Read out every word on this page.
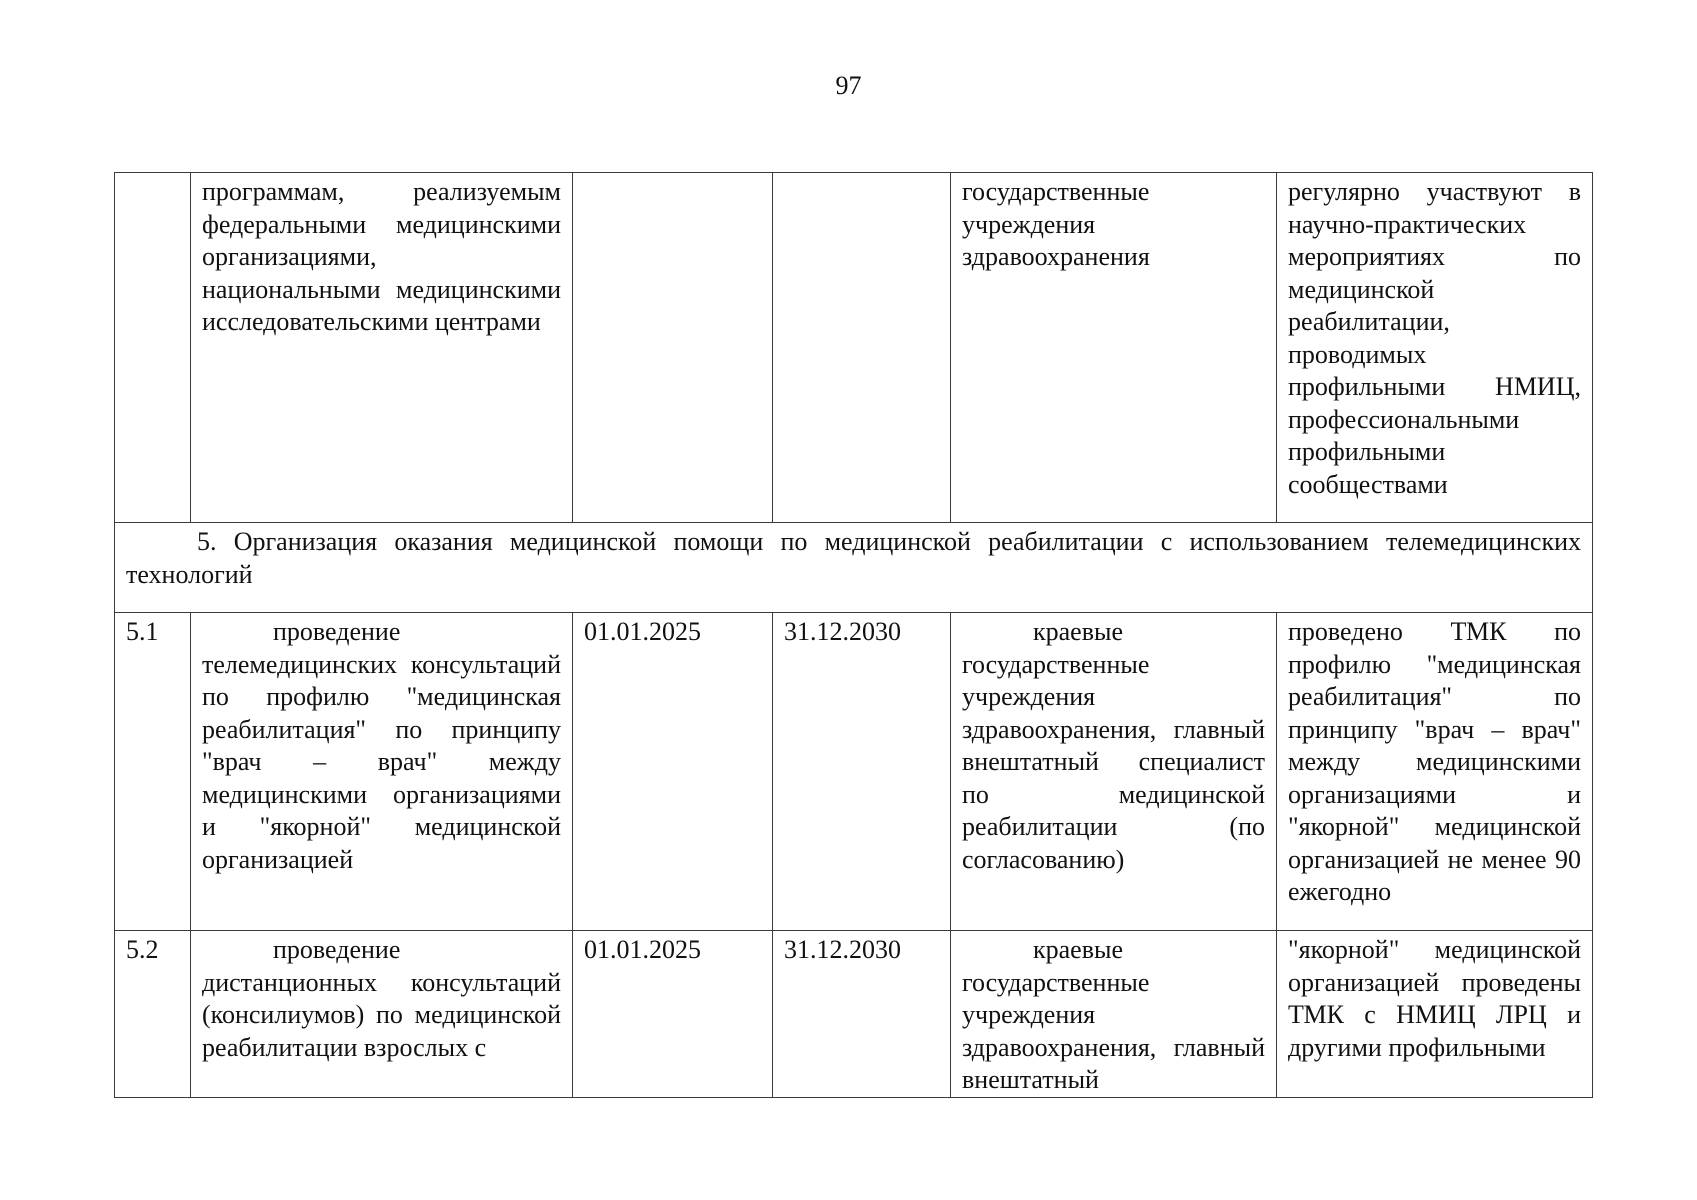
97

	программам, реализуемым федеральными медицинскими организациями, национальными медицинскими исследовательскими центрами			государственные учреждения здравоохранения	регулярно участвуют в научно-практических мероприятиях по медицинской реабилитации, проводимых профильными НМИЦ, профессиональными профильными сообществами

5. Организация оказания медицинской помощи по медицинской реабилитации с использованием телемедицинских технологий					

5.1	проведение телемедицинских консультаций по профилю "медицинская реабилитация" по принципу "врач – врач" между медицинскими организациями и "якорной" медицинской организацией	01.01.2025	31.12.2030	краевые государственные учреждения здравоохранения, главный внештатный специалист по медицинской реабилитации (по согласованию)	проведено ТМК по профилю "медицинская реабилитация" по принципу "врач – врач" между медицинскими организациями и "якорной" медицинской организацией не менее 90 ежегодно
5.2	проведение дистанционных консультаций (консилиумов) по медицинской реабилитации взрослых с	01.01.2025	31.12.2030	краевые государственные учреждения здравоохранения, главный внештатный	"якорной" медицинской организацией проведены ТМК с НМИЦ ЛРЦ и другими профильными
